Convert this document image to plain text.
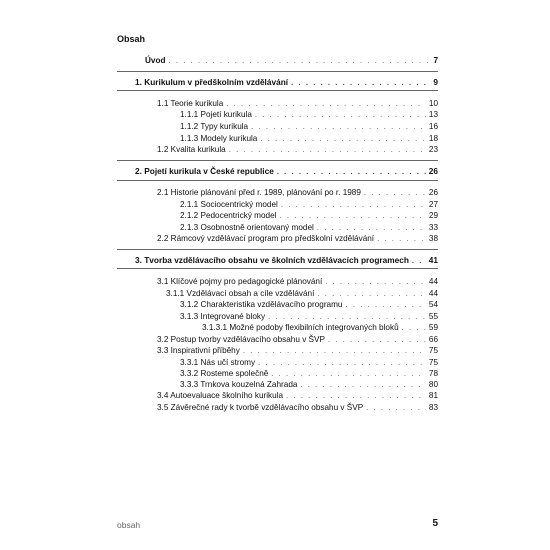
Obsah
Úvod . . .	7
1. Kurikulum v předškolním vzdělávání . . .	9
1.1 Teorie kurikula . . .	10
1.1.1 Pojetí kurikula . . .	13
1.1.2 Typy kurikula . . .	16
1.1.3 Modely kurikula . . .	18
1.2 Kvalita kurikula . . .	23
2. Pojetí kurikula v České republice . . .	26
2.1 Historie plánování před r. 1989, plánování po r. 1989 . . .	26
2.1.1 Sociocentrický model . . .	27
2.1.2 Pedocentrický model . . .	29
2.1.3 Osobnostně orientovaný model . . .	33
2.2 Rámcový vzdělávací program pro předškolní vzdělávání . . .	38
3. Tvorba vzdělávacího obsahu ve školních vzdělávacích programech . . . 41
3.1 Klíčové pojmy pro pedagogické plánování . . .	44
3.1.1 Vzdělávací obsah a cíle vzdělávání . . .	44
3.1.2 Charakteristika vzdělávacího programu . . .	54
3.1.3 Integrované bloky . . .	55
3.1.3.1 Možné podoby flexibilních integrovaných bloků . . .	59
3.2 Postup tvorby vzdělávacího obsahu v ŠVP . . .	66
3.3 Inspirativní příběhy . . .	75
3.3.1 Nás učí stromy . . .	75
3.3.2 Rosteme společně . . .	78
3.3.3 Trnkova kouzelná Zahrada . . .	80
3.4 Autoevaluace školního kurikula . . .	81
3.5 Závěrečné rady k tvorbě vzdělávacího obsahu v ŠVP . . .	83
obsah	5
